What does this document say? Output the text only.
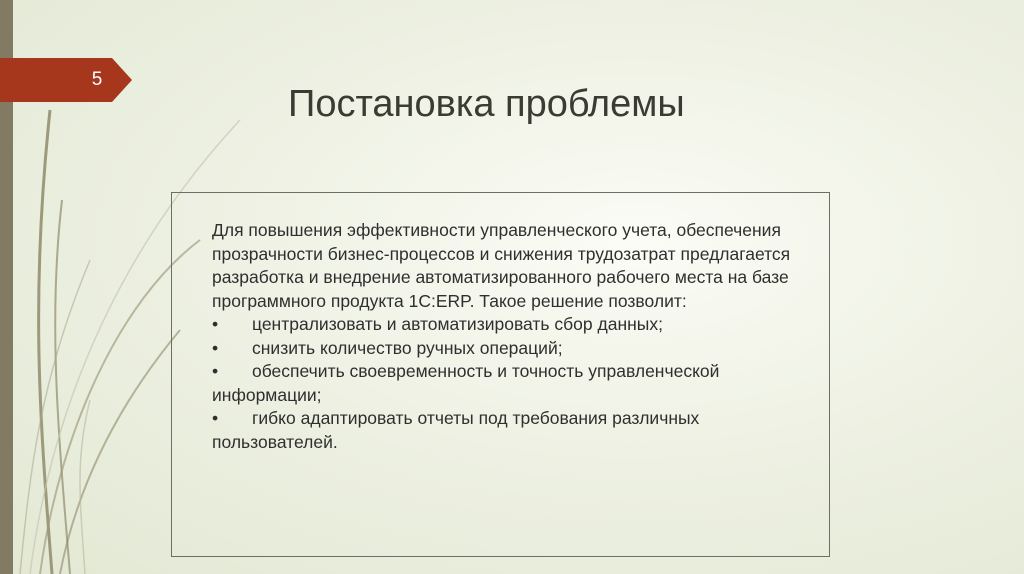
5
Постановка проблемы

Для повышения эффективности управленческого учета, обеспечения прозрачности бизнес-процессов и снижения трудозатрат предлагается разработка и внедрение автоматизированного рабочего места на базе программного продукта 1С:ERP. Такое решение позволит:

• централизовать и автоматизировать сбор данных;

• снизить количество ручных операций;

• обеспечить своевременность и точность управленческой информации;

• гибко адаптировать отчеты под требования различных пользователей.
